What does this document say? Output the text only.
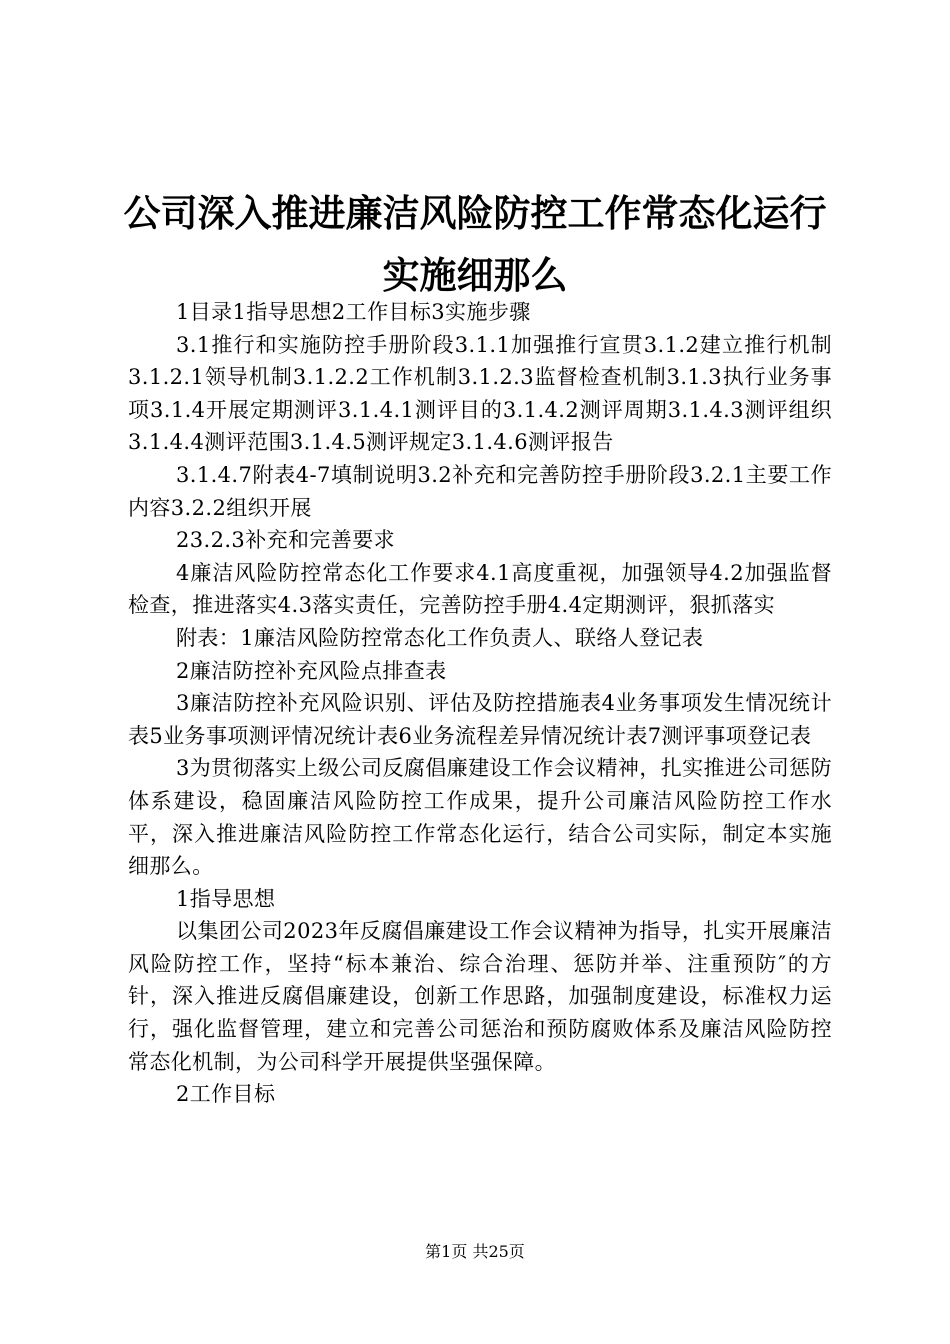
公司深入推进廉洁风险防控工作常态化运行实施细那么

1目录1指导思想2工作目标3实施步骤

3.1推行和实施防控手册阶段3.1.1加强推行宣贯3.1.2建立推行机制3.1.2.1领导机制3.1.2.2工作机制3.1.2.3监督检查机制3.1.3执行业务事项3.1.4开展定期测评3.1.4.1测评目的3.1.4.2测评周期3.1.4.3测评组织3.1.4.4测评范围3.1.4.5测评规定3.1.4.6测评报告

3.1.4.7附表4-7填制说明3.2补充和完善防控手册阶段3.2.1主要工作内容3.2.2组织开展

23.2.3补充和完善要求

4廉洁风险防控常态化工作要求4.1高度重视，加强领导4.2加强监督检查，推进落实4.3落实责任，完善防控手册4.4定期测评，狠抓落实

附表：1廉洁风险防控常态化工作负责人、联络人登记表

2廉洁防控补充风险点排查表

3廉洁防控补充风险识别、评估及防控措施表4业务事项发生情况统计表5业务事项测评情况统计表6业务流程差异情况统计表7测评事项登记表

3为贯彻落实上级公司反腐倡廉建设工作会议精神，扎实推进公司惩防体系建设，稳固廉洁风险防控工作成果，提升公司廉洁风险防控工作水平，深入推进廉洁风险防控工作常态化运行，结合公司实际，制定本实施细那么。

1指导思想

以集团公司2023年反腐倡廉建设工作会议精神为指导，扎实开展廉洁风险防控工作，坚持“标本兼治、综合治理、惩防并举、注重预防″的方针，深入推进反腐倡廉建设，创新工作思路，加强制度建设，标准权力运行，强化监督管理，建立和完善公司惩治和预防腐败体系及廉洁风险防控常态化机制，为公司科学开展提供坚强保障。

2工作目标

第1页 共25页
